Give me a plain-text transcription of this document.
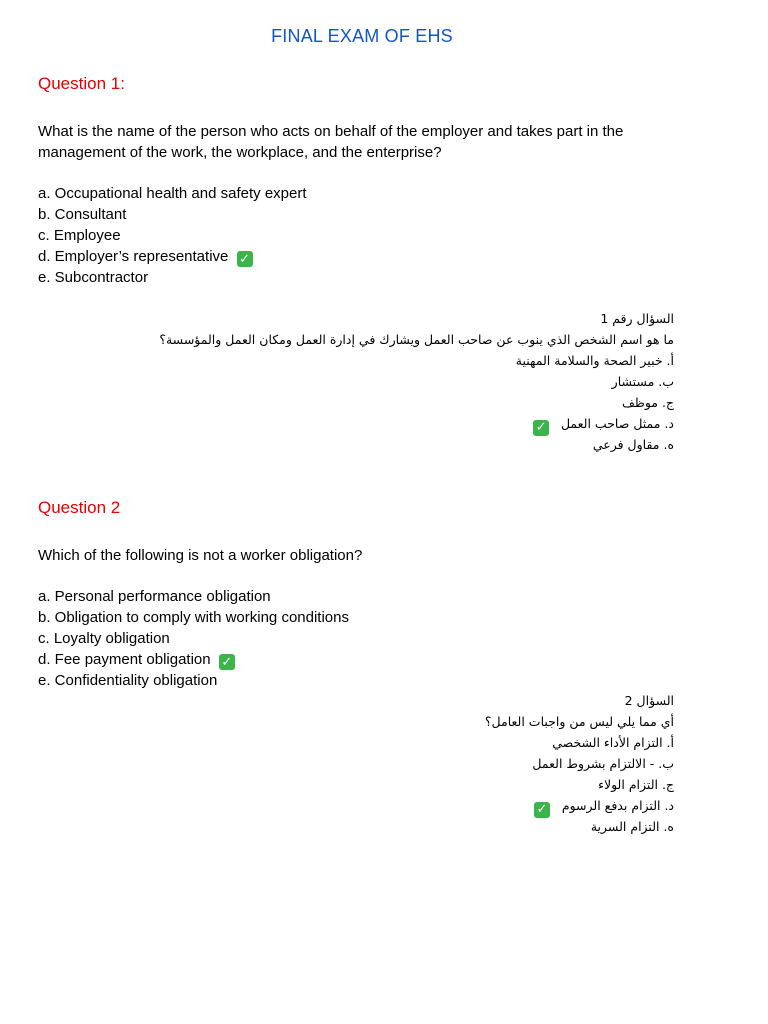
FINAL EXAM OF EHS
Question 1:

What is the name of the person who acts on behalf of the employer and takes part in the management of the work, the workplace, and the enterprise?

a. Occupational health and safety expert
b. Consultant
c. Employee
d. Employer’s representative ✓
e. Subcontractor
السؤال رقم 1
ما هو اسم الشخص الذي ينوب عن صاحب العمل ويشارك في إدارة العمل ومكان العمل والمؤسسة؟
أ. خبير الصحة والسلامة المهنية
ب. مستشار
ج. موظف
د. ممثل صاحب العمل   ✓
ه. مقاول فرعي
Question 2

Which of the following is not a worker obligation?

a. Personal performance obligation
b. Obligation to comply with working conditions
c. Loyalty obligation
d. Fee payment obligation ✓
e. Confidentiality obligation
السؤال 2
أي مما يلي ليس من واجبات العامل؟
أ. التزام الأداء الشخصي
ب. - الالتزام بشروط العمل
ج. التزام الولاء
د. التزام بدفع الرسوم   ✓
ه. التزام السرية
